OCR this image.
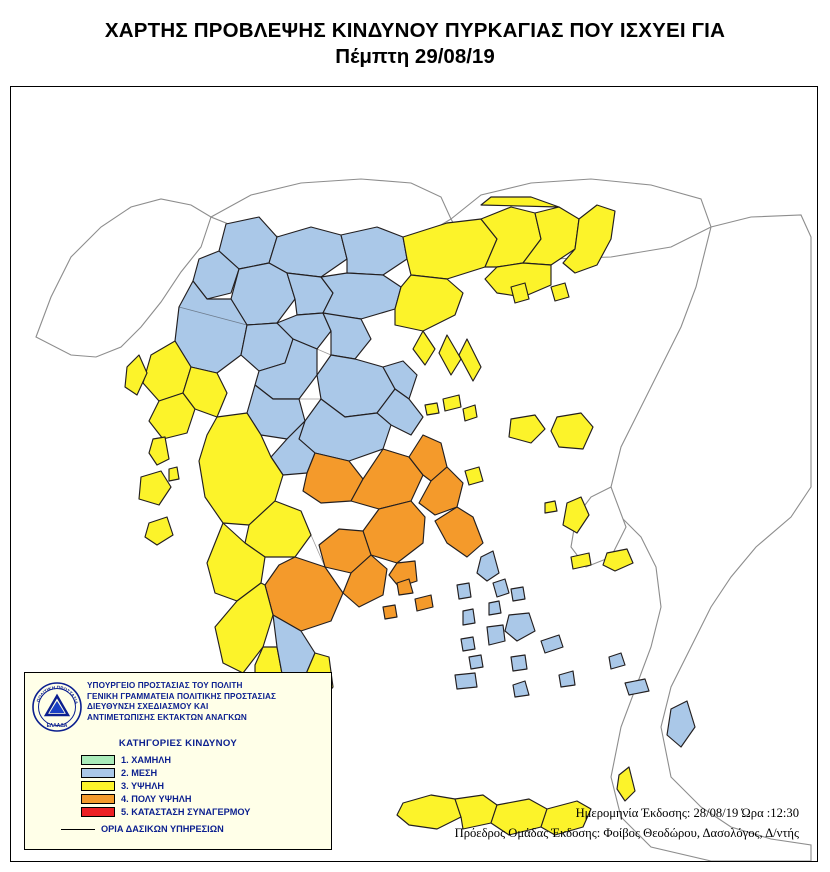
ΧΑΡΤΗΣ ΠΡΟΒΛΕΨΗΣ ΚΙΝΔΥΝΟΥ ΠΥΡΚΑΓΙΑΣ ΠΟΥ ΙΣΧΥΕΙ ΓΙΑ
Πέμπτη 29/08/19
ΠΟΛΙΤΙΚΗ ΠΡΟΣΤΑΣΙΑ
ΕΛΛΑΔΑ
ΥΠΟΥΡΓΕΙΟ ΠΡΟΣΤΑΣΙΑΣ ΤΟΥ ΠΟΛΙΤΗ
ΓΕΝΙΚΗ ΓΡΑΜΜΑΤΕΙΑ ΠΟΛΙΤΙΚΗΣ ΠΡΟΣΤΑΣΙΑΣ
ΔΙΕΥΘΥΝΣΗ ΣΧΕΔΙΑΣΜΟΥ ΚΑΙ
ΑΝΤΙΜΕΤΩΠΙΣΗΣ ΕΚΤΑΚΤΩΝ ΑΝΑΓΚΩΝ
ΚΑΤΗΓΟΡΙΕΣ ΚΙΝΔΥΝΟΥ
1. ΧΑΜΗΛΗ
2. ΜΕΣΗ
3. ΥΨΗΛΗ
4. ΠΟΛΥ ΥΨΗΛΗ
5. ΚΑΤΑΣΤΑΣΗ ΣΥΝΑΓΕΡΜΟΥ
ΟΡΙΑ ΔΑΣΙΚΩΝ ΥΠΗΡΕΣΙΩΝ
Ημερομηνία Έκδοσης: 28/08/19 Ώρα :12:30
Πρόεδρος Ομάδας Έκδοσης: Φοίβος Θεοδώρου, Δασολόγος, Δ/ντής
